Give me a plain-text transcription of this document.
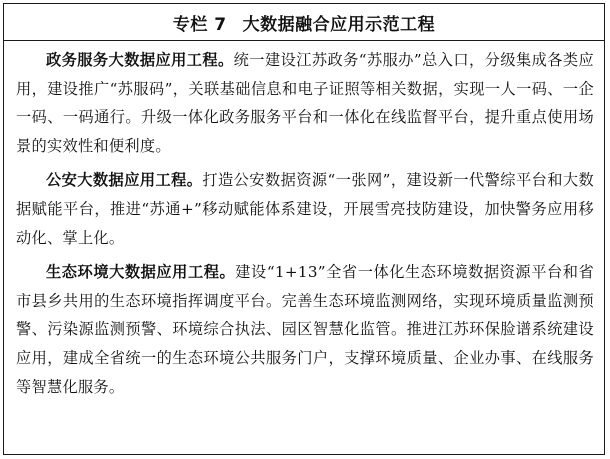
专栏 7 大数据融合应用示范工程

政务服务大数据应用工程。统一建设江苏政务“苏服办”总入口，分级集成各类应用，建设推广“苏服码”，关联基础信息和电子证照等相关数据，实现一人一码、一企一码、一码通行。升级一体化政务服务平台和一体化在线监督平台，提升重点使用场景的实效性和便利度。

公安大数据应用工程。打造公安数据资源“一张网”，建设新一代警综平台和大数据赋能平台，推进“苏通+”移动赋能体系建设，开展雪亮技防建设，加快警务应用移动化、掌上化。

生态环境大数据应用工程。建设“1+13”全省一体化生态环境数据资源平台和省市县乡共用的生态环境指挥调度平台。完善生态环境监测网络，实现环境质量监测预警、污染源监测预警、环境综合执法、园区智慧化监管。推进江苏环保脸谱系统建设应用，建成全省统一的生态环境公共服务门户，支撑环境质量、企业办事、在线服务等智慧化服务。
